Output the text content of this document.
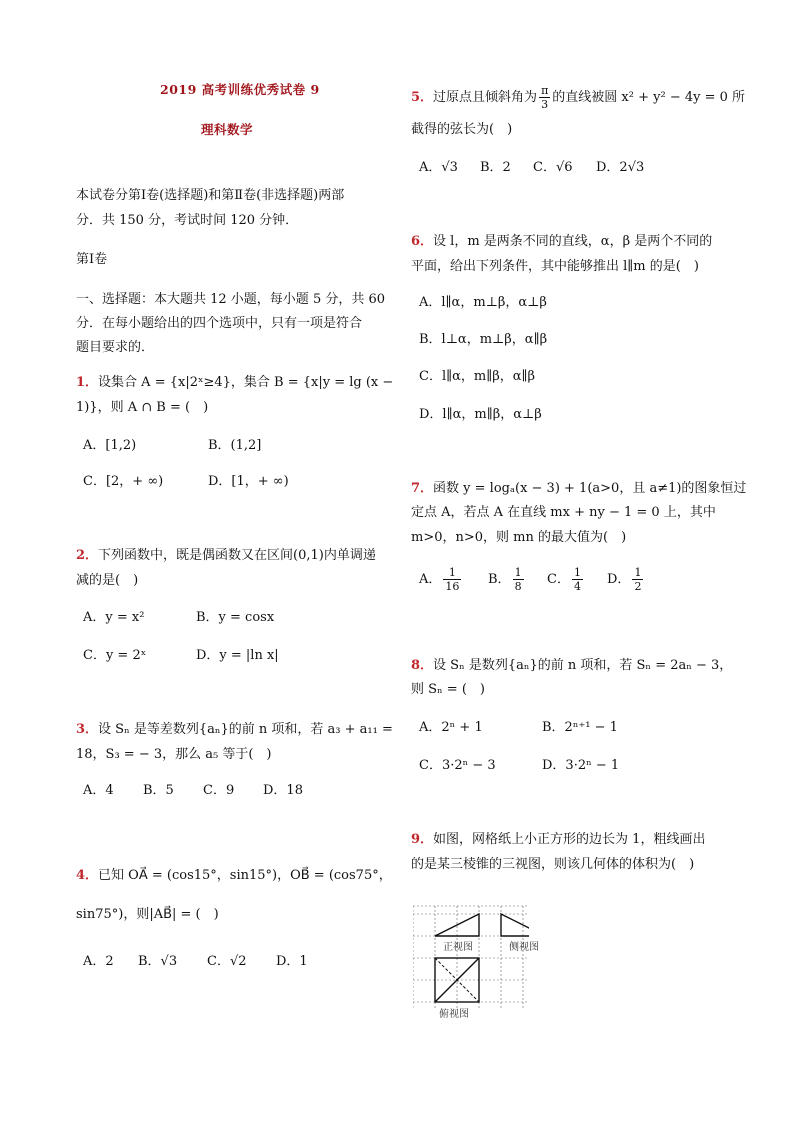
2019 高考训练优秀试卷 9
理科数学
本试卷分第Ⅰ卷(选择题)和第Ⅱ卷(非选择题)两部
分．共 150 分，考试时间 120 分钟．
第Ⅰ卷
一、选择题：本大题共 12 小题，每小题 5 分，共 60
分．在每小题给出的四个选项中，只有一项是符合
题目要求的．
1．设集合 A = {x|2ˣ≥4}，集合 B = {x|y = lg (x −
1)}，则 A ∩ B = (　)
A．[1,2)	B．(1,2]
C．[2，+ ∞)	D．[1，+ ∞)
2．下列函数中，既是偶函数又在区间(0,1)内单调递
减的是(　)
A．y = x²	B．y = cosx
C．y = 2ˣ	D．y = |ln x|
3．设 Sₙ 是等差数列{aₙ}的前 n 项和，若 a₃ + a₁₁ =
18，S₃ = − 3，那么 a₅ 等于(　)
A．4 B．5 C．9 D．18
4．已知 OA⃗ = (cos15°，sin15°)，OB⃗ = (cos75°，
sin75°)，则|AB⃗| = (　)
A．2 B．√3 C．√2 D．1
5．过原点且倾斜角为 $\frac{\pi}{3}$ 的直线被圆 x² + y² − 4y = 0 所
截得的弦长为(　)
A．√3 B．2 C．√6 D．2√3
6．设 l，m 是两条不同的直线，α，β 是两个不同的
平面，给出下列条件，其中能够推出 l∥m 的是(　)
A．l∥α，m⊥β，α⊥β
B．l⊥α，m⊥β，α∥β
C．l∥α，m∥β，α∥β
D．l∥α，m∥β，α⊥β
7．函数 y = logₐ(x − 3) + 1(a>0，且 a≠1)的图象恒过
定点 A，若点 A 在直线 mx + ny − 1 = 0 上，其中
m>0，n>0，则 mn 的最大值为(　)
A． $\frac{1}{16}$ B． $\frac{1}{8}$ C． $\frac{1}{4}$ D． $\frac{1}{2}$
8．设 Sₙ 是数列{aₙ}的前 n 项和，若 Sₙ = 2aₙ − 3，
则 Sₙ = (　)
A．2ⁿ + 1	B．2ⁿ⁺¹ − 1
C．3·2ⁿ − 3	D．3·2ⁿ − 1
9．如图，网格纸上小正方形的边长为 1，粗线画出
的是某三棱锥的三视图，则该几何体的体积为(　)
正视图	侧视图
俯视图
